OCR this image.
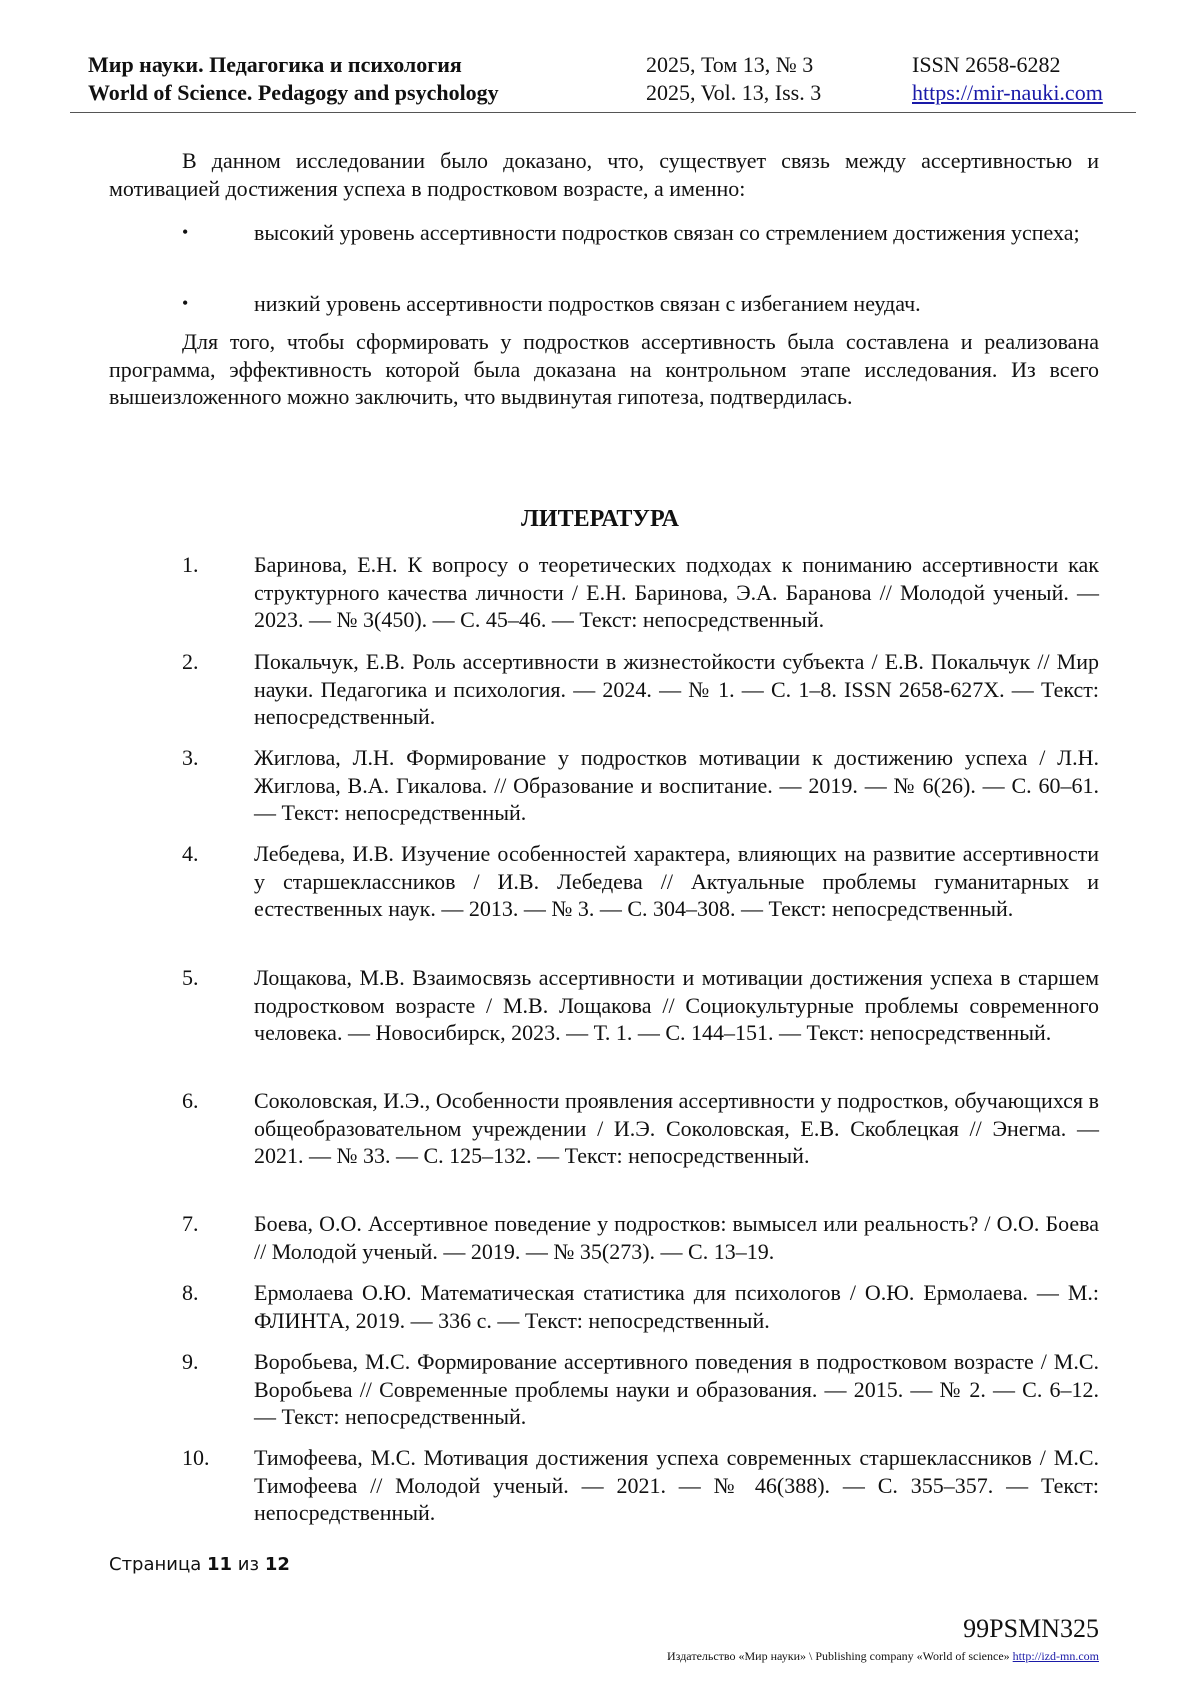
Мир науки. Педагогика и психология
World of Science. Pedagogy and psychology
2025, Том 13, № 3
2025, Vol. 13, Iss. 3
ISSN 2658-6282
https://mir-nauki.com
В данном исследовании было доказано, что, существует связь между ассертивностью и мотивацией достижения успеха в подростковом возрасте, а именно:
•	высокий уровень ассертивности подростков связан со стремлением достижения успеха;
•	низкий уровень ассертивности подростков связан с избеганием неудач.
Для того, чтобы сформировать у подростков ассертивность была составлена и реализована программа, эффективность которой была доказана на контрольном этапе исследования. Из всего вышеизложенного можно заключить, что выдвинутая гипотеза, подтвердилась.
ЛИТЕРАТУРА
1.	Баринова, Е.Н. К вопросу о теоретических подходах к пониманию ассертивности как структурного качества личности / Е.Н. Баринова, Э.А. Баранова // Молодой ученый. — 2023. — № 3(450). — С. 45–46. — Текст: непосредственный.
2.	Покальчук, Е.В. Роль ассертивности в жизнестойкости субъекта / Е.В. Покальчук // Мир науки. Педагогика и психология. — 2024. — № 1. — С. 1–8. ISSN 2658-627X. — Текст: непосредственный.
3.	Жиглова, Л.Н. Формирование у подростков мотивации к достижению успеха / Л.Н. Жиглова, В.А. Гикалова. // Образование и воспитание. — 2019. — № 6(26). — С. 60–61. — Текст: непосредственный.
4.	Лебедева, И.В. Изучение особенностей характера, влияющих на развитие ассертивности у старшеклассников / И.В. Лебедева // Актуальные проблемы гуманитарных и естественных наук. — 2013. — № 3. — С. 304–308. — Текст: непосредственный.
5.	Лощакова, М.В. Взаимосвязь ассертивности и мотивации достижения успеха в старшем подростковом возрасте / М.В. Лощакова // Социокультурные проблемы современного человека. — Новосибирск, 2023. — Т. 1. — С. 144–151. — Текст: непосредственный.
6.	Соколовская, И.Э., Особенности проявления ассертивности у подростков, обучающихся в общеобразовательном учреждении / И.Э. Соколовская, Е.В. Скоблецкая // Энегма. — 2021. — № 33. — С. 125–132. — Текст: непосредственный.
7.	Боева, О.О. Ассертивное поведение у подростков: вымысел или реальность? / О.О. Боева // Молодой ученый. — 2019. — № 35(273). — С. 13–19.
8.	Ермолаева О.Ю. Математическая статистика для психологов / О.Ю. Ермолаева. — М.: ФЛИНТА, 2019. — 336 с. — Текст: непосредственный.
9.	Воробьева, М.С. Формирование ассертивного поведения в подростковом возрасте / М.С. Воробьева // Современные проблемы науки и образования. — 2015. — № 2. — С. 6–12. — Текст: непосредственный.
10. Тимофеева, М.С. Мотивация достижения успеха современных старшеклассников / М.С. Тимофеева // Молодой ученый. — 2021. — № 46(388). — С. 355–357. — Текст: непосредственный.
Страница 11 из 12
99PSMN325
Издательство «Мир науки» \ Publishing company «World of science» http://izd-mn.com
